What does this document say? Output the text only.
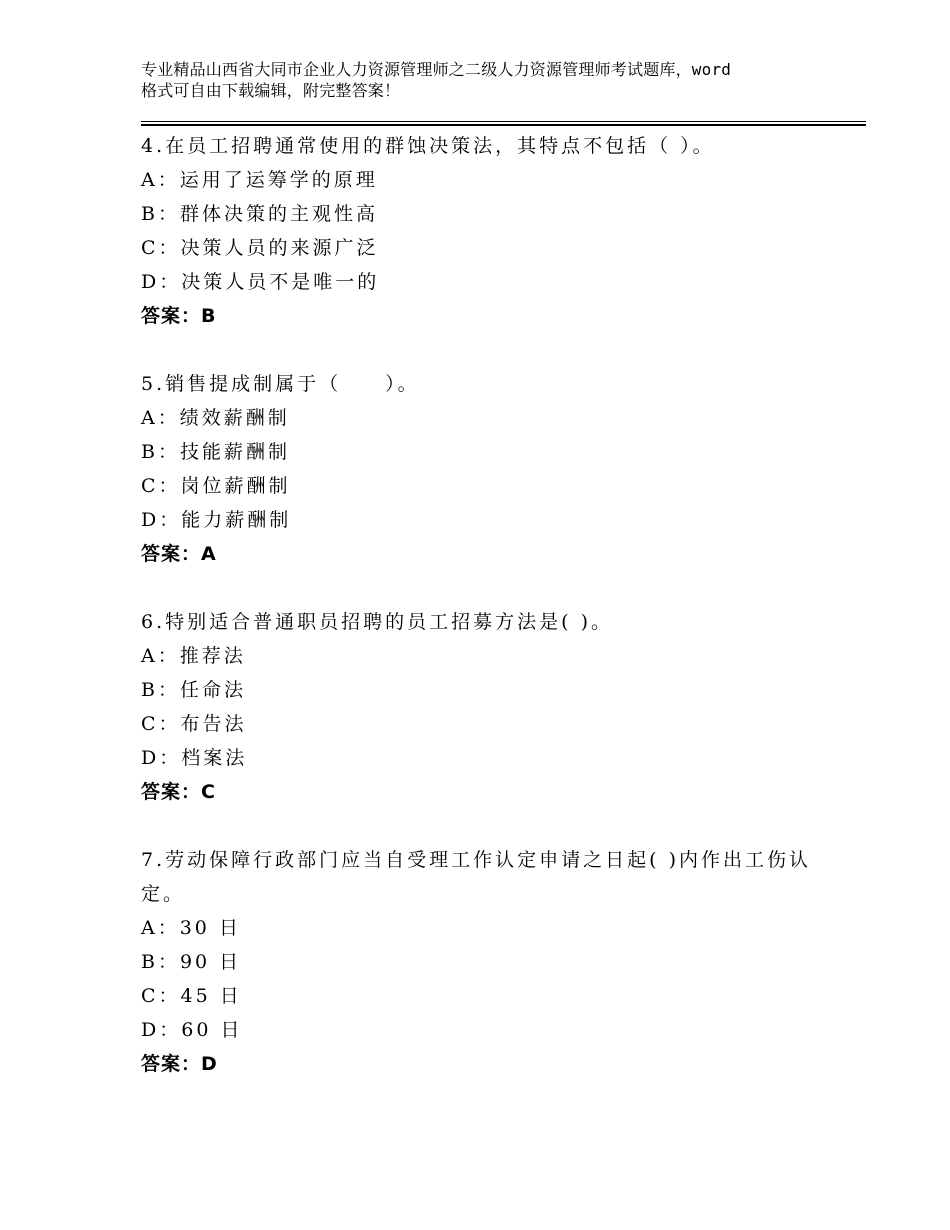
专业精品山西省大同市企业人力资源管理师之二级人力资源管理师考试题库，word
格式可自由下载编辑，附完整答案！

4.在员工招聘通常使用的群蚀决策法，其特点不包括（ ）。

A：运用了运筹学的原理

B：群体决策的主观性高

C：决策人员的来源广泛

D：决策人员不是唯一的

答案：B

5.销售提成制属于（　　）。

A：绩效薪酬制

B：技能薪酬制

C：岗位薪酬制

D：能力薪酬制

答案：A

6.特别适合普通职员招聘的员工招募方法是( )。

A：推荐法

B：任命法

C：布告法

D：档案法

答案：C

7.劳动保障行政部门应当自受理工作认定申请之日起( )内作出工伤认定。

A：30 日

B：90 日

C：45 日

D：60 日

答案：D
